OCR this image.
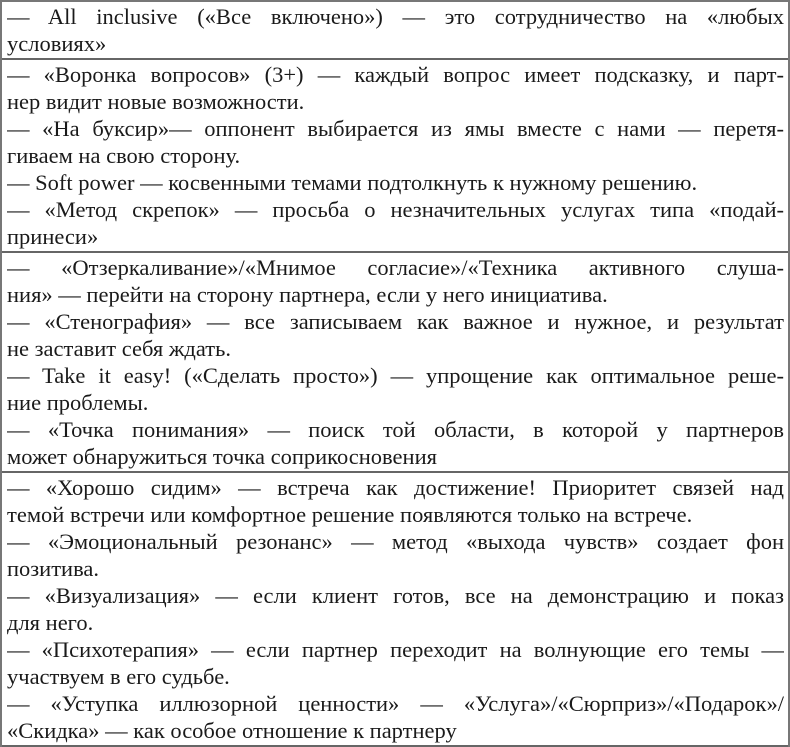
— All inclusive («Все включено») — это сотрудничество на «любых
условиях»
— «Воронка вопросов» (3+) — каждый вопрос имеет подсказку, и парт-
нер видит новые возможности.
— «На буксир»— оппонент выбирается из ямы вместе с нами — перетя-
гиваем на свою сторону.
— Soft power — косвенными темами подтолкнуть к нужному решению.
— «Метод скрепок» — просьба о незначительных услугах типа «подай-
принеси»
— «Отзеркаливание»/«Мнимое согласие»/«Техника активного слуша-
ния» — перейти на сторону партнера, если у него инициатива.
— «Стенография» — все записываем как важное и нужное, и результат
не заставит себя ждать.
— Take it easy! («Сделать просто») — упрощение как оптимальное реше-
ние проблемы.
— «Точка понимания» — поиск той области, в которой у партнеров
может обнаружиться точка соприкосновения
— «Хорошо сидим» — встреча как достижение! Приоритет связей над
темой встречи или комфортное решение появляются только на встрече.
— «Эмоциональный резонанс» — метод «выхода чувств» создает фон
позитива.
— «Визуализация» — если клиент готов, все на демонстрацию и показ
для него.
— «Психотерапия» — если партнер переходит на волнующие его темы —
участвуем в его судьбе.
— «Уступка иллюзорной ценности» — «Услуга»/«Сюрприз»/«Подарок»/
«Скидка» — как особое отношение к партнеру
